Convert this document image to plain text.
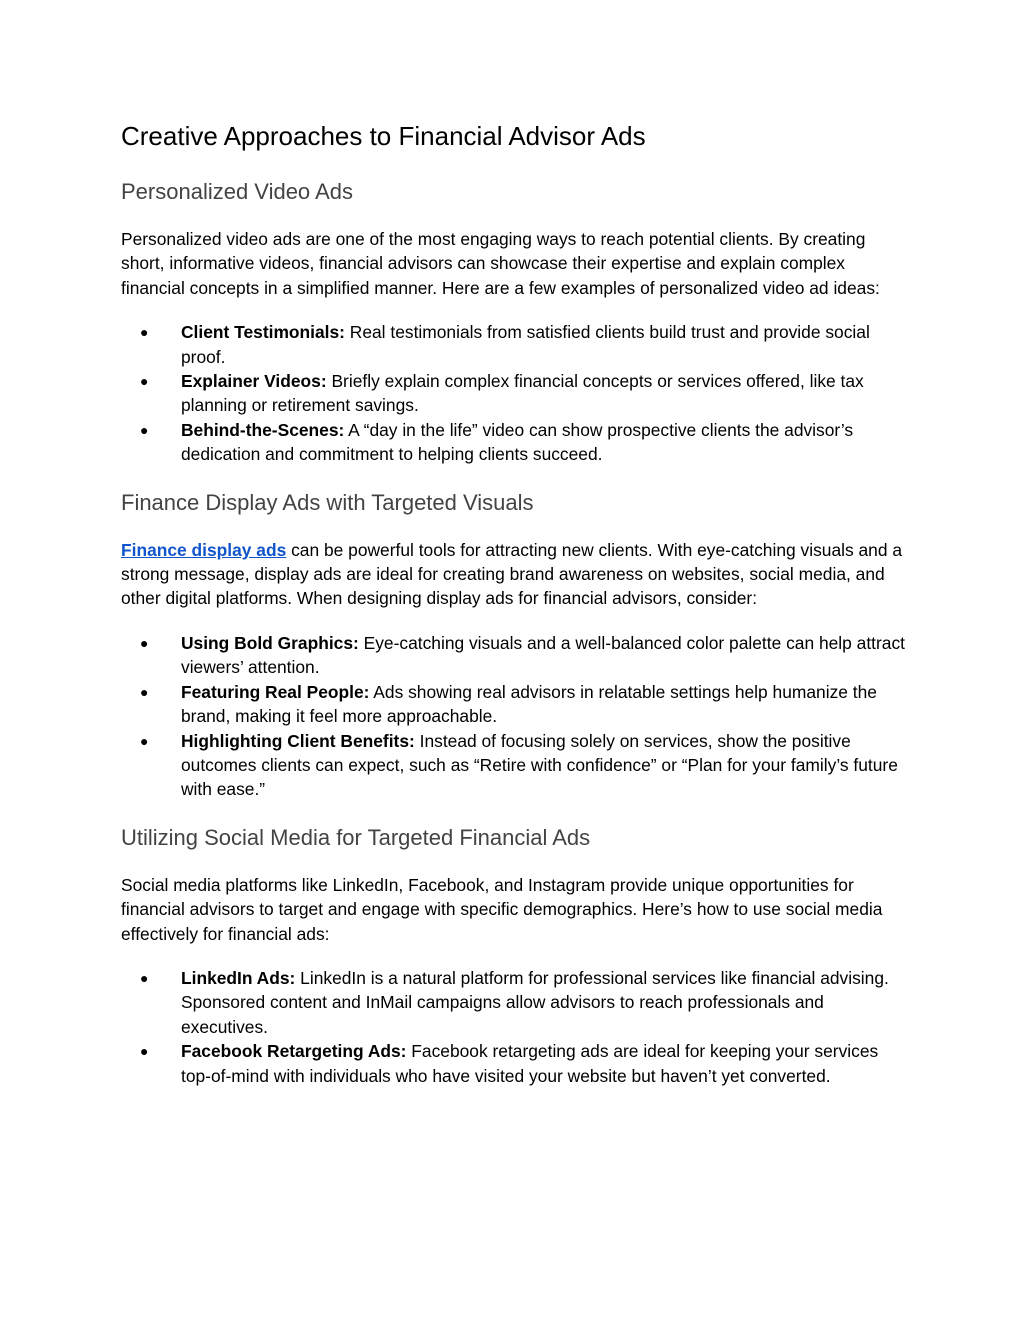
Creative Approaches to Financial Advisor Ads
Personalized Video Ads

Personalized video ads are one of the most engaging ways to reach potential clients. By creating short, informative videos, financial advisors can showcase their expertise and explain complex financial concepts in a simplified manner. Here are a few examples of personalized video ad ideas:

● Client Testimonials: Real testimonials from satisfied clients build trust and provide social proof.
● Explainer Videos: Briefly explain complex financial concepts or services offered, like tax planning or retirement savings.
● Behind-the-Scenes: A “day in the life” video can show prospective clients the advisor’s dedication and commitment to helping clients succeed.
Finance Display Ads with Targeted Visuals

Finance display ads can be powerful tools for attracting new clients. With eye-catching visuals and a strong message, display ads are ideal for creating brand awareness on websites, social media, and other digital platforms. When designing display ads for financial advisors, consider:

● Using Bold Graphics: Eye-catching visuals and a well-balanced color palette can help attract viewers’ attention.
● Featuring Real People: Ads showing real advisors in relatable settings help humanize the brand, making it feel more approachable.
● Highlighting Client Benefits: Instead of focusing solely on services, show the positive outcomes clients can expect, such as “Retire with confidence” or “Plan for your family’s future with ease.”
Utilizing Social Media for Targeted Financial Ads

Social media platforms like LinkedIn, Facebook, and Instagram provide unique opportunities for financial advisors to target and engage with specific demographics. Here’s how to use social media effectively for financial ads:

● LinkedIn Ads: LinkedIn is a natural platform for professional services like financial advising. Sponsored content and InMail campaigns allow advisors to reach professionals and executives.
● Facebook Retargeting Ads: Facebook retargeting ads are ideal for keeping your services top-of-mind with individuals who have visited your website but haven’t yet converted.
